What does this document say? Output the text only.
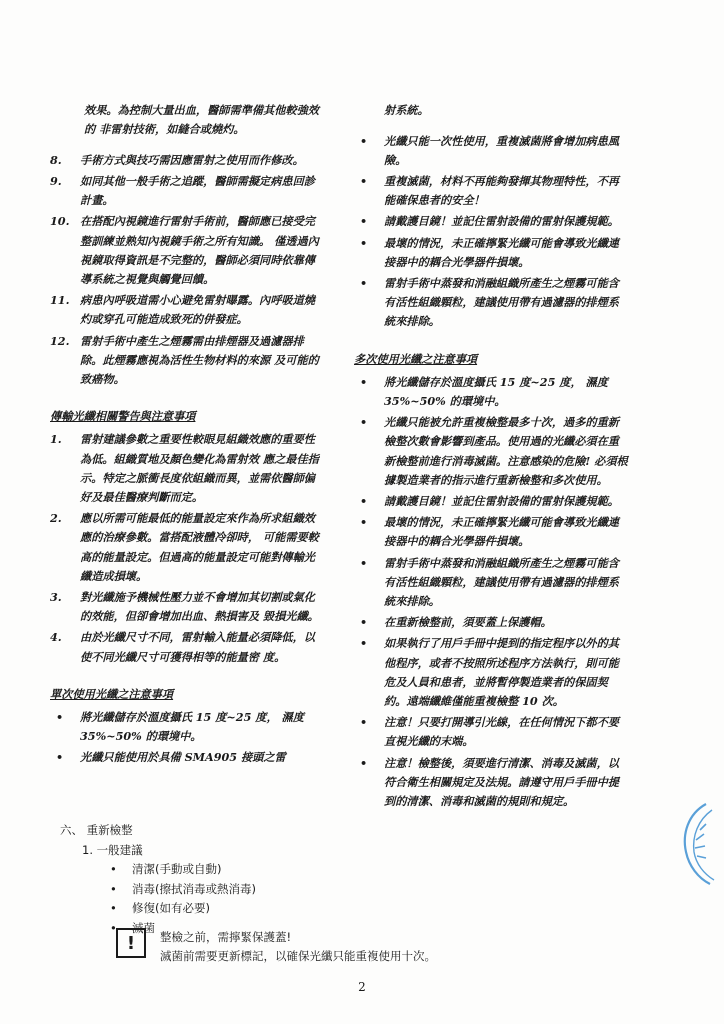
效果。為控制大量出血，醫師需準備其他較強效 的 非雷射技術，如縫合或燒灼。

8.	手術方式與技巧需因應雷射之使用而作修改。
9.	如同其他一般手術之追蹤，醫師需擬定病患回診計畫。
10. 在搭配內視鏡進行雷射手術前，醫師應已接受完整訓練並熟知內視鏡手術之所有知識。 僅透過內視鏡取得資訊是不完整的，醫師必須同時依靠傳導系統之視覺與觸覺回饋。
11. 病患內呼吸道需小心避免雷射曝露。內呼吸道燒灼或穿孔可能造成致死的併發症。
12. 雷射手術中產生之煙霧需由排煙器及過濾器排除。此煙霧應視為活性生物材料的來源 及可能的致癌物。

傳輸光纖相關警告與注意事項

1.	雷射建議參數之重要性較眼見組織效應的重要性為低。組織質地及顏色變化為雷射效 應之最佳指示。特定之脈衝長度依組織而異，並需依醫師偏好及最佳醫療判斷而定。
2.	應以所需可能最低的能量設定來作為所求組織效應的治療參數。當搭配液體冷卻時， 可能需要較高的能量設定。但過高的能量設定可能對傳輸光纖造成損壞。
3.	對光纖施予機械性壓力並不會增加其切割或氣化的效能，但卻會增加出血、熱損害及 毀損光纖。
4.	由於光纖尺寸不同，雷射輸入能量必須降低，以使不同光纖尺寸可獲得相等的能量密 度。

單次使用光纖之注意事項

•	將光纖儲存於溫度攝氏 15 度~25 度， 濕度 35%~50% 的環境中。
•	光纖只能使用於具備 SMA905 接頭之雷

射系統。

•	光纖只能一次性使用，重複滅菌將會增加病患風險。
•	重複滅菌，材料不再能夠發揮其物理特性，不再能確保患者的安全！
•	請戴護目鏡！並記住雷射設備的雷射保護規範。
•	最壞的情況，未正確擰緊光纖可能會導致光纖連接器中的耦合光學器件損壞。
•	雷射手術中蒸發和消融組織所產生之煙霧可能含有活性組織顆粒，建議使用帶有過濾器的排煙系統來排除。

多次使用光纖之注意事項

•	將光纖儲存於溫度攝氏 15 度~25 度， 濕度 35%~50% 的環境中。
•	光纖只能被允許重複檢整最多十次，過多的重新檢整次數會影響到產品。使用過的光纖必須在重新檢整前進行消毒滅菌。注意感染的危險! 必須根據製造業者的指示進行重新檢整和多次使用。
•	請戴護目鏡！並記住雷射設備的雷射保護規範。
•	最壞的情況，未正確擰緊光纖可能會導致光纖連接器中的耦合光學器件損壞。
•	雷射手術中蒸發和消融組織所產生之煙霧可能含有活性組織顆粒，建議使用帶有過濾器的排煙系統來排除。
•	在重新檢整前，須要蓋上保護帽。
•	如果執行了用戶手冊中提到的指定程序以外的其他程序，或者不按照所述程序方法執行，則可能危及人員和患者，並將暫停製造業者的保固契約。遠端纖維僅能重複檢整 10 次。
•	注意！只要打開導引光線，在任何情況下都不要直視光纖的末端。
•	注意！檢整後，須要進行清潔、消毒及滅菌，以符合衛生相關規定及法規。請遵守用戶手冊中提到的清潔、消毒和滅菌的規則和規定。
六、 重新檢整
1. 一般建議
•	清潔(手動或自動)
•	消毒(擦拭消毒或熱消毒)
•	修復(如有必要)
•	滅菌
!	整檢之前，需擰緊保護蓋!
滅菌前需要更新標記，以確保光纖只能重複使用十次。
2
